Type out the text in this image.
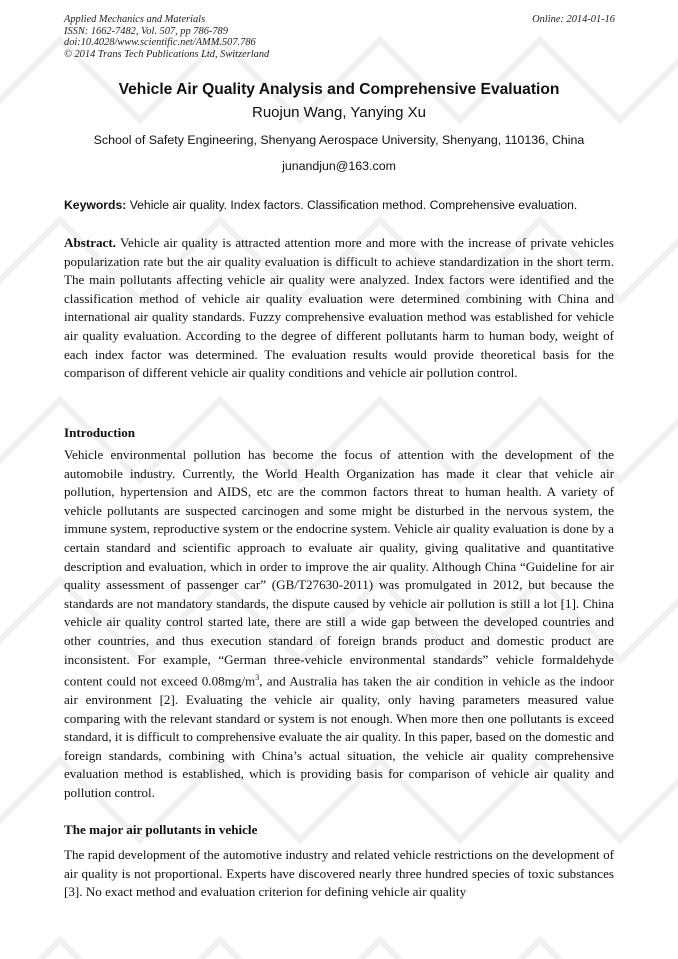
Applied Mechanics and Materials
ISSN: 1662-7482, Vol. 507, pp 786-789
doi:10.4028/www.scientific.net/AMM.507.786
© 2014 Trans Tech Publications Ltd, Switzerland
Online: 2014-01-16
Vehicle Air Quality Analysis and Comprehensive Evaluation
Ruojun Wang, Yanying Xu
School of Safety Engineering, Shenyang Aerospace University, Shenyang, 110136, China
junandjun@163.com
Keywords: Vehicle air quality. Index factors. Classification method. Comprehensive evaluation.

Abstract. Vehicle air quality is attracted attention more and more with the increase of private vehicles popularization rate but the air quality evaluation is difficult to achieve standardization in the short term. The main pollutants affecting vehicle air quality were analyzed. Index factors were identified and the classification method of vehicle air quality evaluation were determined combining with China and international air quality standards. Fuzzy comprehensive evaluation method was established for vehicle air quality evaluation. According to the degree of different pollutants harm to human body, weight of each index factor was determined. The evaluation results would provide theoretical basis for the comparison of different vehicle air quality conditions and vehicle air pollution control.

Introduction

Vehicle environmental pollution has become the focus of attention with the development of the automobile industry. Currently, the World Health Organization has made it clear that vehicle air pollution, hypertension and AIDS, etc are the common factors threat to human health. A variety of vehicle pollutants are suspected carcinogen and some might be disturbed in the nervous system, the immune system, reproductive system or the endocrine system. Vehicle air quality evaluation is done by a certain standard and scientific approach to evaluate air quality, giving qualitative and quantitative description and evaluation, which in order to improve the air quality. Although China “Guideline for air quality assessment of passenger car” (GB/T27630-2011) was promulgated in 2012, but because the standards are not mandatory standards, the dispute caused by vehicle air pollution is still a lot [1]. China vehicle air quality control started late, there are still a wide gap between the developed countries and other countries, and thus execution standard of foreign brands product and domestic product are inconsistent. For example, “German three-vehicle environmental standards” vehicle formaldehyde content could not exceed $0.08mg/m^3$, and Australia has taken the air condition in vehicle as the indoor air environment [2]. Evaluating the vehicle air quality, only having parameters measured value comparing with the relevant standard or system is not enough. When more then one pollutants is exceed standard, it is difficult to comprehensive evaluate the air quality. In this paper, based on the domestic and foreign standards, combining with China’s actual situation, the vehicle air quality comprehensive evaluation method is established, which is providing basis for comparison of vehicle air quality and pollution control.

The major air pollutants in vehicle

The rapid development of the automotive industry and related vehicle restrictions on the development of air quality is not proportional. Experts have discovered nearly three hundred species of toxic substances [3]. No exact method and evaluation criterion for defining vehicle air quality
